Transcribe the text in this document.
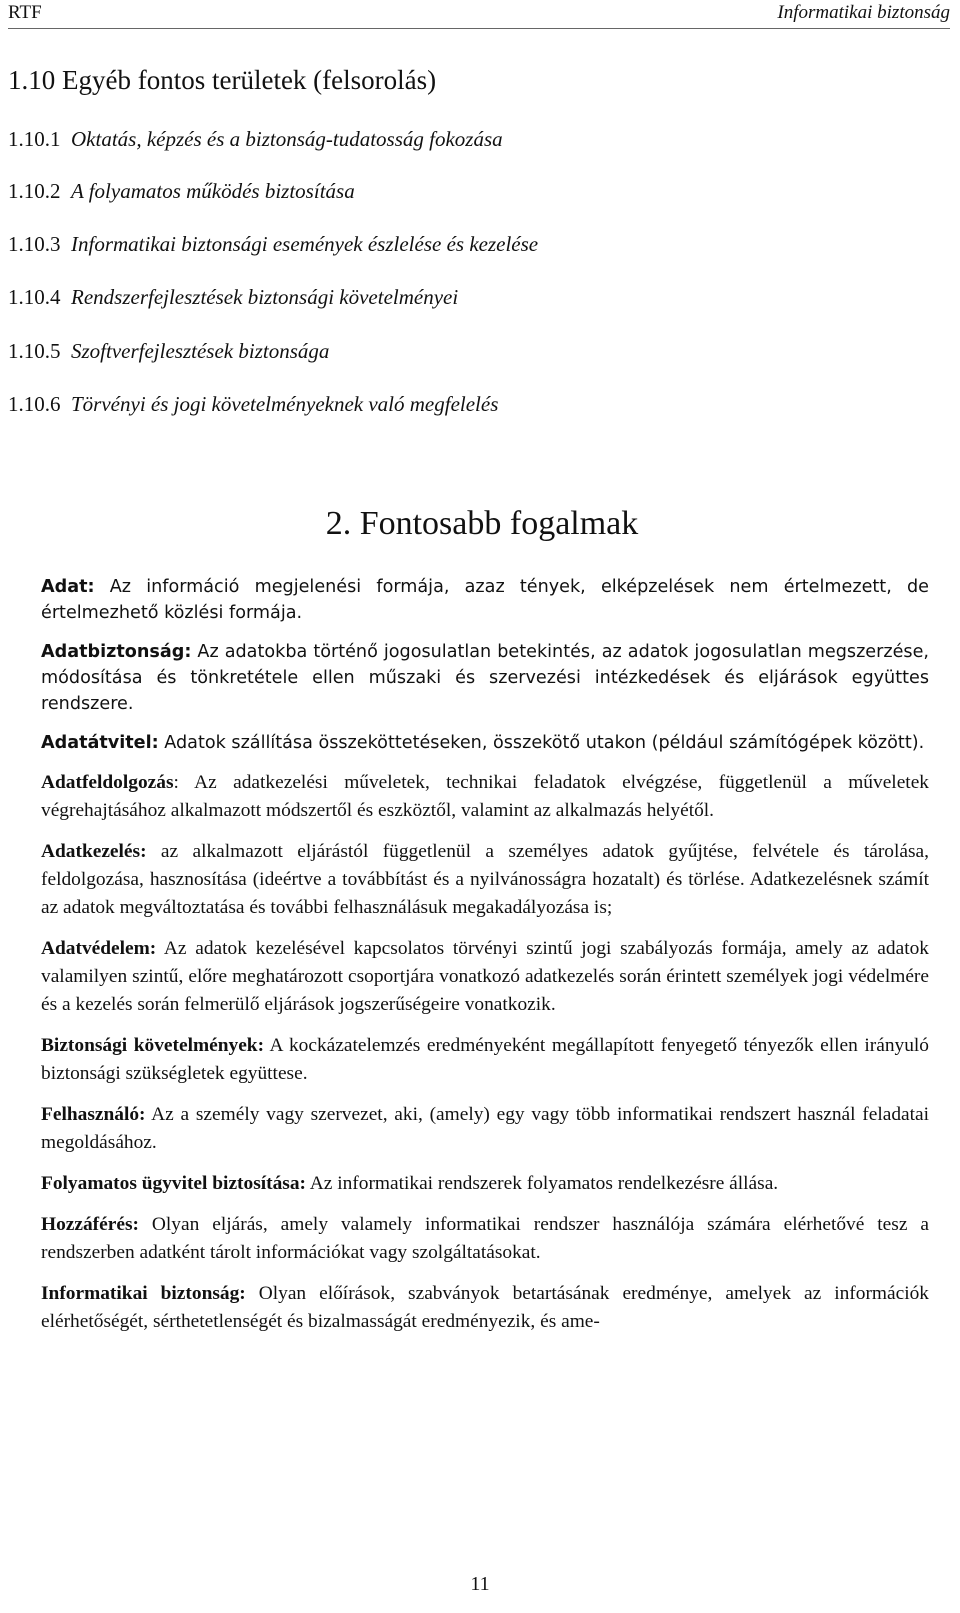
RTF	Informatikai biztonság
1.10 Egyéb fontos területek (felsorolás)
1.10.1 Oktatás, képzés és a biztonság-tudatosság fokozása
1.10.2 A folyamatos működés biztosítása
1.10.3 Informatikai biztonsági események észlelése és kezelése
1.10.4 Rendszerfejlesztések biztonsági követelményei
1.10.5 Szoftverfejlesztések biztonsága
1.10.6 Törvényi és jogi követelményeknek való megfelelés
2. Fontosabb fogalmak

Adat: Az információ megjelenési formája, azaz tények, elképzelések nem értelmezett, de értelmezhető közlési formája.

Adatbiztonság: Az adatokba történő jogosulatlan betekintés, az adatok jogosulatlan megszerzése, módosítása és tönkretétele ellen műszaki és szervezési intézkedések és eljárások együttes rendszere.

Adatátvitel: Adatok szállítása összeköttetéseken, összekötő utakon (például számítógépek között).

Adatfeldolgozás: Az adatkezelési műveletek, technikai feladatok elvégzése, függetlenül a műveletek végrehajtásához alkalmazott módszertől és eszköztől, valamint az alkalmazás helyétől.

Adatkezelés: az alkalmazott eljárástól függetlenül a személyes adatok gyűjtése, felvétele és tárolása, feldolgozása, hasznosítása (ideértve a továbbítást és a nyilvánosságra hozatalt) és törlése. Adatkezelésnek számít az adatok megváltoztatása és további felhasználásuk megakadályozása is;

Adatvédelem: Az adatok kezelésével kapcsolatos törvényi szintű jogi szabályozás formája, amely az adatok valamilyen szintű, előre meghatározott csoportjára vonatkozó adatkezelés során érintett személyek jogi védelmére és a kezelés során felmerülő eljárások jogszerűségeire vonatkozik.

Biztonsági követelmények: A kockázatelemzés eredményeként megállapított fenyegető tényezők ellen irányuló biztonsági szükségletek együttese.

Felhasználó: Az a személy vagy szervezet, aki, (amely) egy vagy több informatikai rendszert használ feladatai megoldásához.

Folyamatos ügyvitel biztosítása: Az informatikai rendszerek folyamatos rendelkezésre állása.

Hozzáférés: Olyan eljárás, amely valamely informatikai rendszer használója számára elérhetővé tesz a rendszerben adatként tárolt információkat vagy szolgáltatásokat.

Informatikai biztonság: Olyan előírások, szabványok betartásának eredménye, amelyek az információk elérhetőségét, sérthetetlenségét és bizalmasságát eredményezik, és ame-

11
